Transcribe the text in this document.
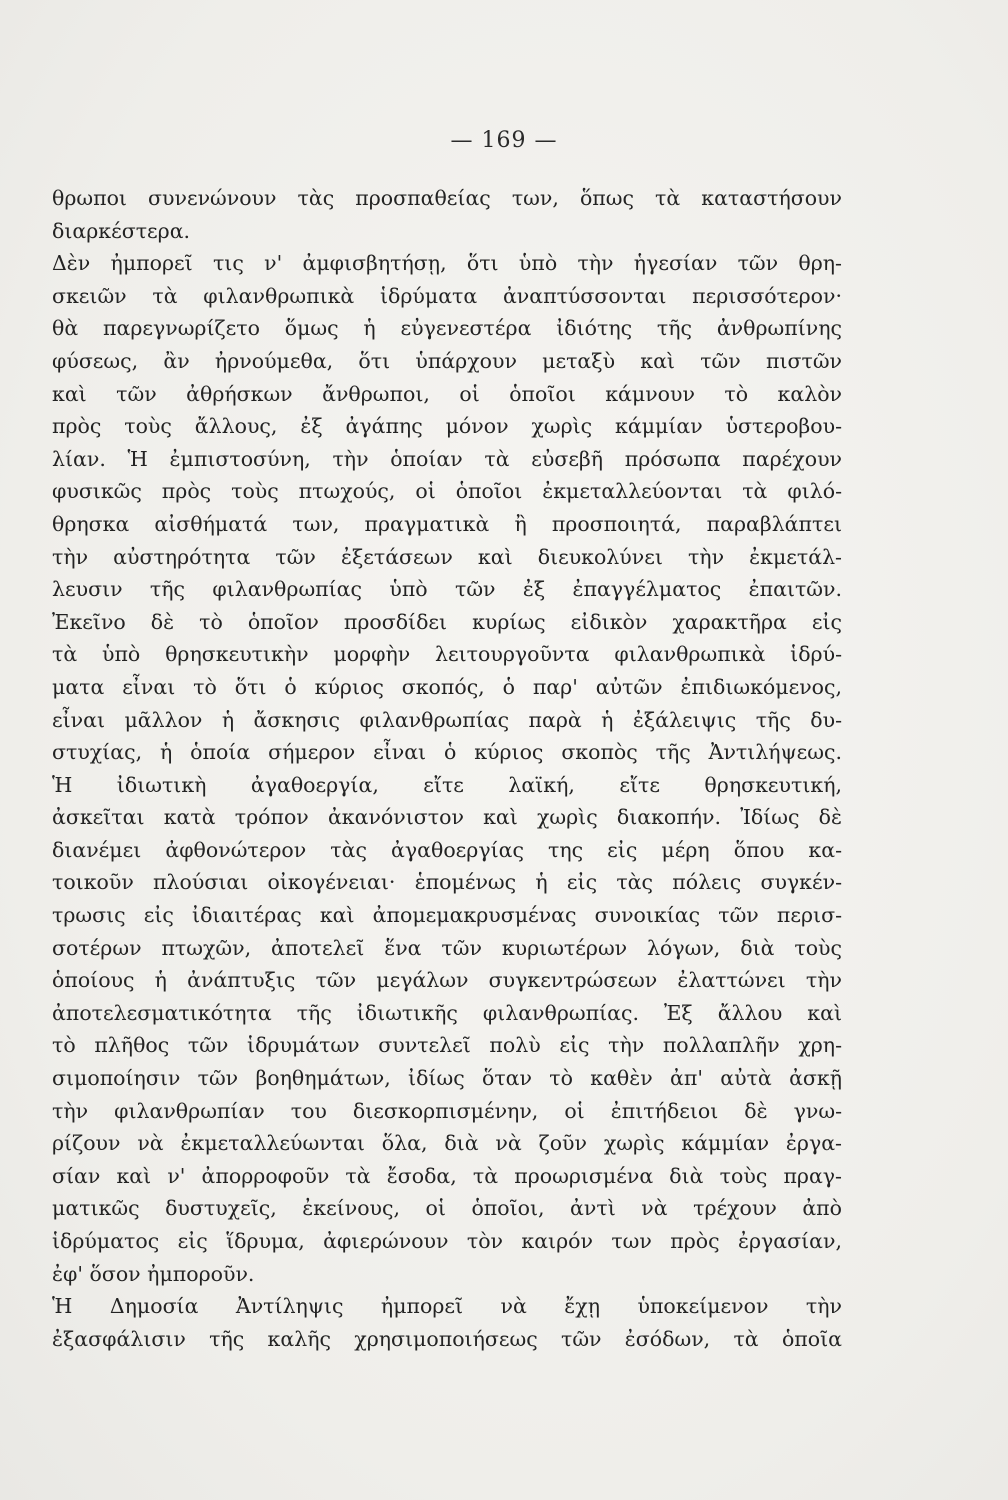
— 169 —
θρωποι συνενώνουν τὰς προσπαθείας των, ὅπως τὰ καταστήσουν
διαρκέστερα.
Δὲν ἠμπορεῖ τις ν' ἀμφισβητήσῃ, ὅτι ὑπὸ τὴν ἡγεσίαν τῶν θρη-
σκειῶν τὰ φιλανθρωπικὰ ἱδρύματα ἀναπτύσσονται περισσότερον·
θὰ παρεγνωρίζετο ὅμως ἡ εὐγενεστέρα ἰδιότης τῆς ἀνθρωπίνης
φύσεως, ἂν ἠρνούμεθα, ὅτι ὑπάρχουν μεταξὺ καὶ τῶν πιστῶν
καὶ τῶν ἀθρήσκων ἄνθρωποι, οἱ ὁποῖοι κάμνουν τὸ καλὸν
πρὸς τοὺς ἄλλους, ἐξ ἀγάπης μόνον χωρὶς κάμμίαν ὑστεροβου-
λίαν. Ἡ ἐμπιστοσύνη, τὴν ὁποίαν τὰ εὐσεβῆ πρόσωπα παρέχουν
φυσικῶς πρὸς τοὺς πτωχούς, οἱ ὁποῖοι ἐκμεταλλεύονται τὰ φιλό-
θρησκα αἰσθήματά των, πραγματικὰ ἢ προσποιητά, παραβλάπτει
τὴν αὐστηρότητα τῶν ἐξετάσεων καὶ διευκολύνει τὴν ἐκμετάλ-
λευσιν τῆς φιλανθρωπίας ὑπὸ τῶν ἐξ ἐπαγγέλματος ἐπαιτῶν.
Ἐκεῖνο δὲ τὸ ὁποῖον προσδίδει κυρίως εἰδικὸν χαρακτῆρα εἰς
τὰ ὑπὸ θρησκευτικὴν μορφὴν λειτουργοῦντα φιλανθρωπικὰ ἱδρύ-
ματα εἶναι τὸ ὅτι ὁ κύριος σκοπός, ὁ παρ' αὐτῶν ἐπιδιωκόμενος,
εἶναι μᾶλλον ἡ ἄσκησις φιλανθρωπίας παρὰ ἡ ἐξάλειψις τῆς δυ-
στυχίας, ἡ ὁποία σήμερον εἶναι ὁ κύριος σκοπὸς τῆς Ἀντιλήψεως.
Ἡ ἰδιωτικὴ ἀγαθοεργία, εἴτε λαϊκή, εἴτε θρησκευτική,
ἀσκεῖται κατὰ τρόπον ἀκανόνιστον καὶ χωρὶς διακοπήν. Ἰδίως δὲ
διανέμει ἀφθονώτερον τὰς ἀγαθοεργίας της εἰς μέρη ὅπου κα-
τοικοῦν πλούσιαι οἰκογένειαι· ἑπομένως ἡ εἰς τὰς πόλεις συγκέν-
τρωσις εἰς ἰδιαιτέρας καὶ ἀπομεμακρυσμένας συνοικίας τῶν περισ-
σοτέρων πτωχῶν, ἀποτελεῖ ἕνα τῶν κυριωτέρων λόγων, διὰ τοὺς
ὁποίους ἡ ἀνάπτυξις τῶν μεγάλων συγκεντρώσεων ἐλαττώνει τὴν
ἀποτελεσματικότητα τῆς ἰδιωτικῆς φιλανθρωπίας. Ἐξ ἄλλου καὶ
τὸ πλῆθος τῶν ἱδρυμάτων συντελεῖ πολὺ εἰς τὴν πολλαπλῆν χρη-
σιμοποίησιν τῶν βοηθημάτων, ἰδίως ὅταν τὸ καθὲν ἀπ' αὐτὰ ἀσκῇ
τὴν φιλανθρωπίαν του διεσκορπισμένην, οἱ ἐπιτήδειοι δὲ γνω-
ρίζουν νὰ ἐκμεταλλεύωνται ὅλα, διὰ νὰ ζοῦν χωρὶς κάμμίαν ἐργα-
σίαν καὶ ν' ἀπορροφοῦν τὰ ἔσοδα, τὰ προωρισμένα διὰ τοὺς πραγ-
ματικῶς δυστυχεῖς, ἐκείνους, οἱ ὁποῖοι, ἀντὶ νὰ τρέχουν ἀπὸ
ἱδρύματος εἰς ἵδρυμα, ἀφιερώνουν τὸν καιρόν των πρὸς ἐργασίαν,
ἐφ' ὅσον ἠμποροῦν.
Ἡ Δημοσία Ἀντίληψις ἠμπορεῖ νὰ ἔχῃ ὑποκείμενον τὴν
ἐξασφάλισιν τῆς καλῆς χρησιμοποιήσεως τῶν ἐσόδων, τὰ ὁποῖα
